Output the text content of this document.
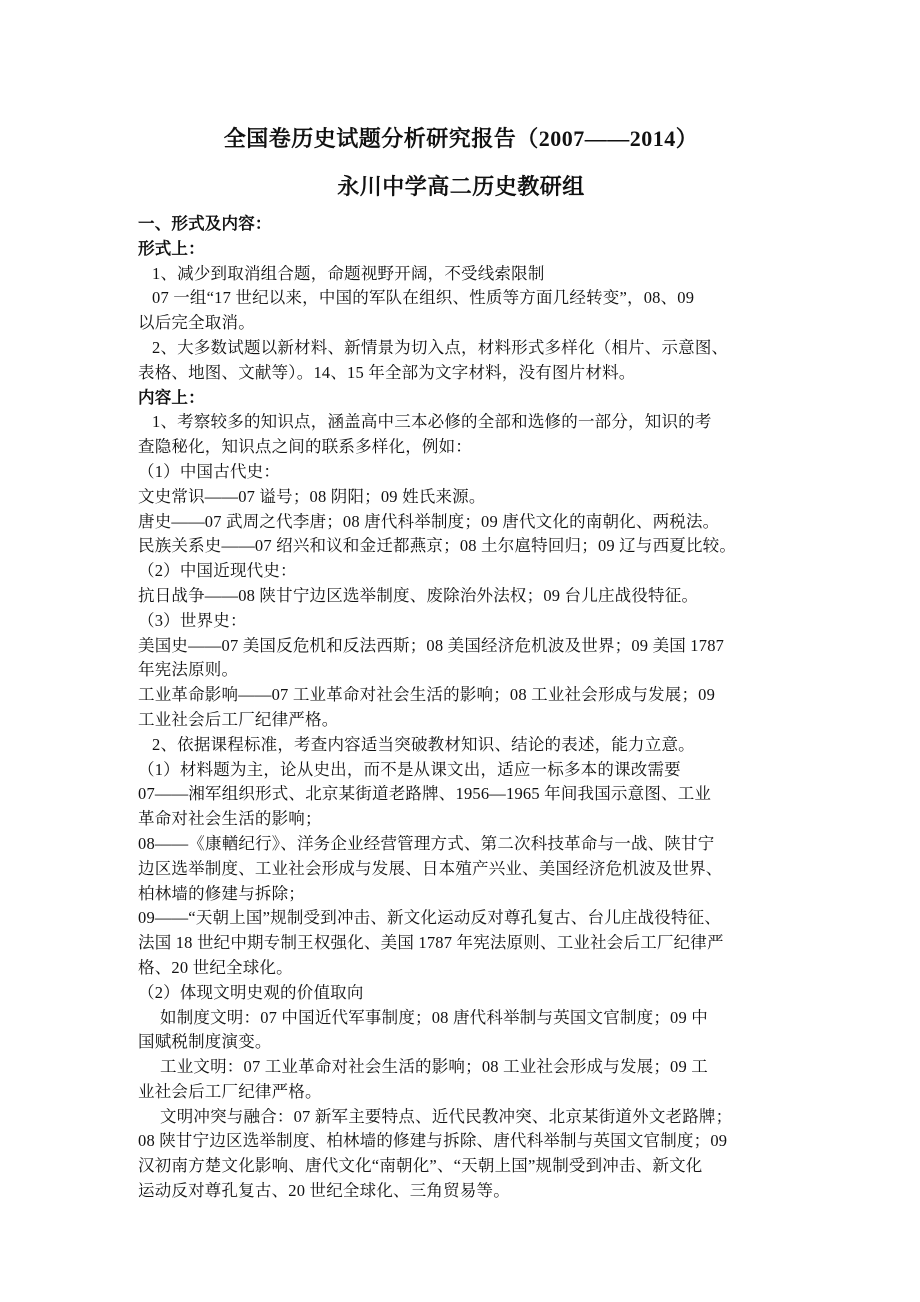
全国卷历史试题分析研究报告（2007——2014）
永川中学高二历史教研组
一、形式及内容：
形式上：
1、减少到取消组合题，命题视野开阔，不受线索限制
07 一组“17 世纪以来，中国的军队在组织、性质等方面几经转变”，08、09
以后完全取消。
2、大多数试题以新材料、新情景为切入点，材料形式多样化（相片、示意图、
表格、地图、文献等）。14、15 年全部为文字材料，没有图片材料。
内容上：
1、考察较多的知识点，涵盖高中三本必修的全部和选修的一部分，知识的考
查隐秘化，知识点之间的联系多样化，例如：
（1）中国古代史：
文史常识——07 谥号；08 阴阳；09 姓氏来源。
唐史——07 武周之代李唐；08 唐代科举制度；09 唐代文化的南朝化、两税法。
民族关系史——07 绍兴和议和金迁都燕京；08 土尔扈特回归；09 辽与西夏比较。
（2）中国近现代史：
抗日战争——08 陕甘宁边区选举制度、废除治外法权；09 台儿庄战役特征。
（3）世界史：
美国史——07 美国反危机和反法西斯；08 美国经济危机波及世界；09 美国 1787
年宪法原则。
工业革命影响——07 工业革命对社会生活的影响；08 工业社会形成与发展；09
工业社会后工厂纪律严格。
2、依据课程标准，考查内容适当突破教材知识、结论的表述，能力立意。
（1）材料题为主，论从史出，而不是从课文出，适应一标多本的课改需要
07——湘军组织形式、北京某街道老路牌、1956—1965 年间我国示意图、工业
革命对社会生活的影响；
08——《康輶纪行》、洋务企业经营管理方式、第二次科技革命与一战、陕甘宁
边区选举制度、工业社会形成与发展、日本殖产兴业、美国经济危机波及世界、
柏林墙的修建与拆除；
09——“天朝上国”规制受到冲击、新文化运动反对尊孔复古、台儿庄战役特征、
法国 18 世纪中期专制王权强化、美国 1787 年宪法原则、工业社会后工厂纪律严
格、20 世纪全球化。
（2）体现文明史观的价值取向
如制度文明：07 中国近代军事制度；08 唐代科举制与英国文官制度；09 中
国赋税制度演变。
工业文明：07 工业革命对社会生活的影响；08 工业社会形成与发展；09 工
业社会后工厂纪律严格。
文明冲突与融合：07 新军主要特点、近代民教冲突、北京某街道外文老路牌；
08 陕甘宁边区选举制度、柏林墙的修建与拆除、唐代科举制与英国文官制度；09
汉初南方楚文化影响、唐代文化“南朝化”、“天朝上国”规制受到冲击、新文化
运动反对尊孔复古、20 世纪全球化、三角贸易等。
